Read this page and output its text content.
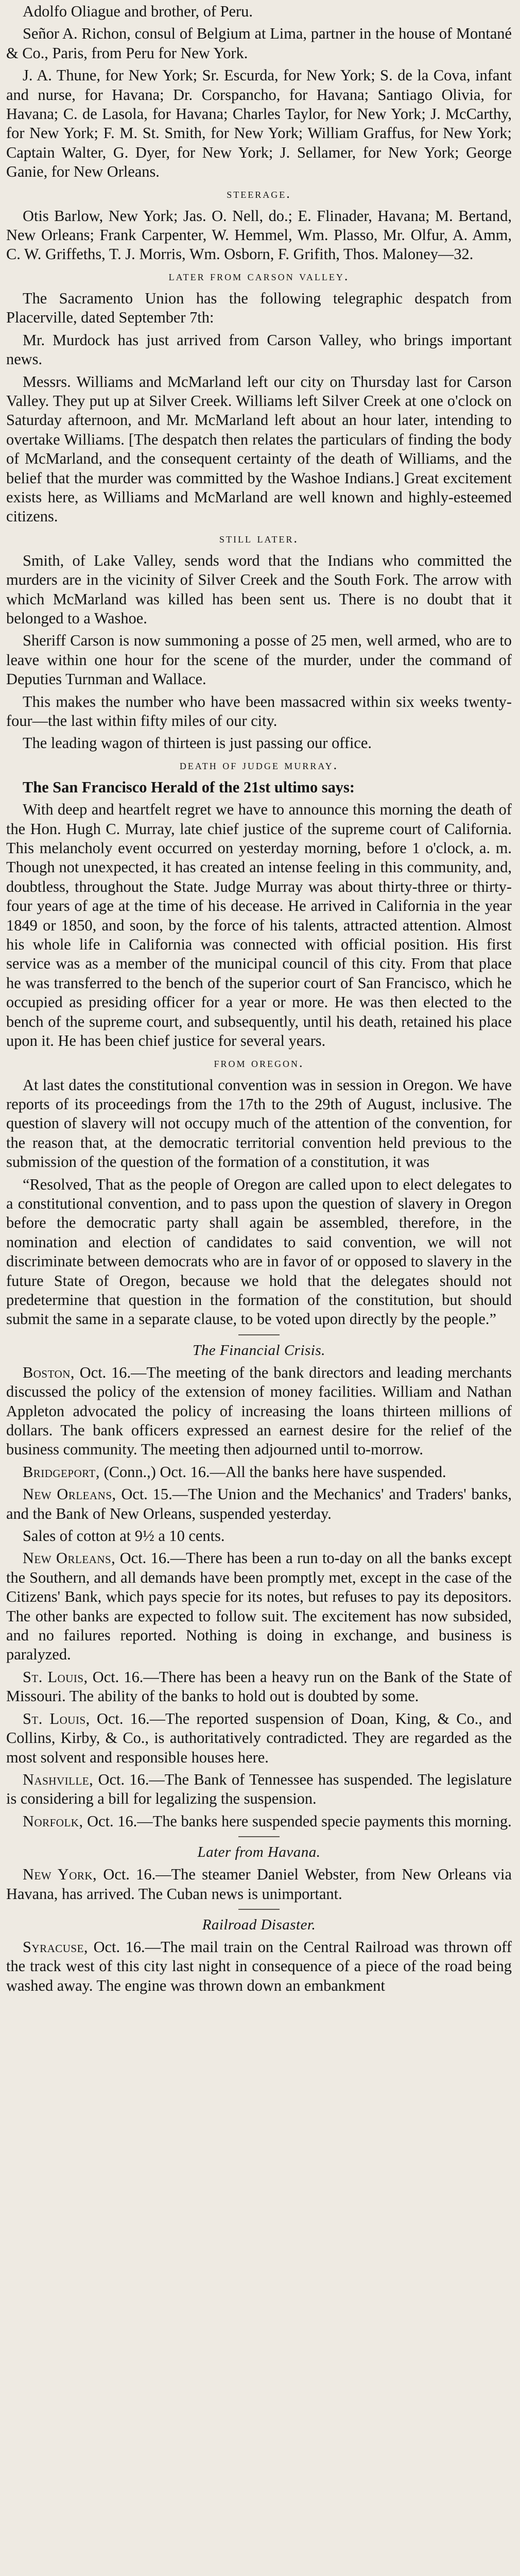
Adolfo Oliague and brother, of Peru.

Señor A. Richon, consul of Belgium at Lima, partner in the house of Montané & Co., Paris, from Peru for New York.

J. A. Thune, for New York; Sr. Escurda, for New York; S. de la Cova, infant and nurse, for Havana; Dr. Corspancho, for Havana; Santiago Olivia, for Havana; C. de Lasola, for Havana; Charles Taylor, for New York; J. McCarthy, for New York; F. M. St. Smith, for New York; William Graffus, for New York; Captain Walter, G. Dyer, for New York; J. Sellamer, for New York; George Ganie, for New Orleans.

steerage.

Otis Barlow, New York; Jas. O. Nell, do.; E. Flinader, Havana; M. Bertand, New Orleans; Frank Carpenter, W. Hemmel, Wm. Plasso, Mr. Olfur, A. Amm, C. W. Griffeths, T. J. Morris, Wm. Osborn, F. Grifith, Thos. Maloney—32.

later from carson valley.

The Sacramento Union has the following telegraphic despatch from Placerville, dated September 7th:

Mr. Murdock has just arrived from Carson Valley, who brings important news.

Messrs. Williams and McMarland left our city on Thursday last for Carson Valley. They put up at Silver Creek. Williams left Silver Creek at one o'clock on Saturday afternoon, and Mr. McMarland left about an hour later, intending to overtake Williams. [The despatch then relates the particulars of finding the body of McMarland, and the consequent certainty of the death of Williams, and the belief that the murder was committed by the Washoe Indians.] Great excitement exists here, as Williams and McMarland are well known and highly-esteemed citizens.

still later.

Smith, of Lake Valley, sends word that the Indians who committed the murders are in the vicinity of Silver Creek and the South Fork. The arrow with which McMarland was killed has been sent us. There is no doubt that it belonged to a Washoe.

Sheriff Carson is now summoning a posse of 25 men, well armed, who are to leave within one hour for the scene of the murder, under the command of Deputies Turnman and Wallace.

This makes the number who have been massacred within six weeks twenty-four—the last within fifty miles of our city.

The leading wagon of thirteen is just passing our office.

death of judge murray.

The San Francisco Herald of the 21st ultimo says:

With deep and heartfelt regret we have to announce this morning the death of the Hon. Hugh C. Murray, late chief justice of the supreme court of California. This melancholy event occurred on yesterday morning, before 1 o'clock, a. m. Though not unexpected, it has created an intense feeling in this community, and, doubtless, throughout the State. Judge Murray was about thirty-three or thirty-four years of age at the time of his decease. He arrived in California in the year 1849 or 1850, and soon, by the force of his talents, attracted attention. Almost his whole life in California was connected with official position. His first service was as a member of the municipal council of this city. From that place he was transferred to the bench of the superior court of San Francisco, which he occupied as presiding officer for a year or more. He was then elected to the bench of the supreme court, and subsequently, until his death, retained his place upon it. He has been chief justice for several years.

from oregon.

At last dates the constitutional convention was in session in Oregon. We have reports of its proceedings from the 17th to the 29th of August, inclusive. The question of slavery will not occupy much of the attention of the convention, for the reason that, at the democratic territorial convention held previous to the submission of the question of the formation of a constitution, it was

“Resolved, That as the people of Oregon are called upon to elect delegates to a constitutional convention, and to pass upon the question of slavery in Oregon before the democratic party shall again be assembled, therefore, in the nomination and election of candidates to said convention, we will not discriminate between democrats who are in favor of or opposed to slavery in the future State of Oregon, because we hold that the delegates should not predetermine that question in the formation of the constitution, but should submit the same in a separate clause, to be voted upon directly by the people.”

The Financial Crisis.

Boston, Oct. 16.—The meeting of the bank directors and leading merchants discussed the policy of the extension of money facilities. William and Nathan Appleton advocated the policy of increasing the loans thirteen millions of dollars. The bank officers expressed an earnest desire for the relief of the business community. The meeting then adjourned until to-morrow.

Bridgeport, (Conn.,) Oct. 16.—All the banks here have suspended.

New Orleans, Oct. 15.—The Union and the Mechanics' and Traders' banks, and the Bank of New Orleans, suspended yesterday.

Sales of cotton at 9½ a 10 cents.

New Orleans, Oct. 16.—There has been a run to-day on all the banks except the Southern, and all demands have been promptly met, except in the case of the Citizens' Bank, which pays specie for its notes, but refuses to pay its depositors. The other banks are expected to follow suit. The excitement has now subsided, and no failures reported. Nothing is doing in exchange, and business is paralyzed.

St. Louis, Oct. 16.—There has been a heavy run on the Bank of the State of Missouri. The ability of the banks to hold out is doubted by some.

St. Louis, Oct. 16.—The reported suspension of Doan, King, & Co., and Collins, Kirby, & Co., is authoritatively contradicted. They are regarded as the most solvent and responsible houses here.

Nashville, Oct. 16.—The Bank of Tennessee has suspended. The legislature is considering a bill for legalizing the suspension.

Norfolk, Oct. 16.—The banks here suspended specie payments this morning.

Later from Havana.

New York, Oct. 16.—The steamer Daniel Webster, from New Orleans via Havana, has arrived. The Cuban news is unimportant.

Railroad Disaster.

Syracuse, Oct. 16.—The mail train on the Central Railroad was thrown off the track west of this city last night in consequence of a piece of the road being washed away. The engine was thrown down an embankment
